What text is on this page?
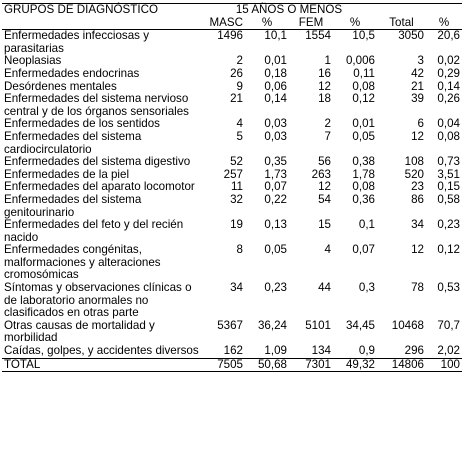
GRUPOS DE DIAGNÓSTICO	15 AÑOS O MENOS					
	MASC	%	FEM	%	Total	%
Enfermedades infecciosas y parasitarias	1496	10,1	1554	10,5	3050	20,6
Neoplasias	2	0,01	1	0,006	3	0,02
Enfermedades endocrinas	26	0,18	16	0,11	42	0,29
Desórdenes mentales	9	0,06	12	0,08	21	0,14
Enfermedades del sistema nervioso central y de los órganos sensoriales	21	0,14	18	0,12	39	0,26
Enfermedades de los sentidos	4	0,03	2	0,01	6	0,04
Enfermedades del sistema cardiocirculatorio	5	0,03	7	0,05	12	0,08
Enfermedades del sistema digestivo	52	0,35	56	0,38	108	0,73
Enfermedades de la piel	257	1,73	263	1,78	520	3,51
Enfermedades del aparato locomotor	11	0,07	12	0,08	23	0,15
Enfermedades del sistema genitourinario	32	0,22	54	0,36	86	0,58
Enfermedades del feto y del recién nacido	19	0,13	15	0,1	34	0,23
Enfermedades congénitas, malformaciones y alteraciones cromosómicas	8	0,05	4	0,07	12	0,12
Síntomas y observaciones clínicas o de laboratorio anormales no clasificados en otras parte	34	0,23	44	0,3	78	0,53
Otras causas de mortalidad y morbilidad	5367	36,24	5101	34,45	10468	70,7
Caídas, golpes, y accidentes diversos	162	1,09	134	0,9	296	2,02
TOTAL	7505	50,68	7301	49,32	14806	100
